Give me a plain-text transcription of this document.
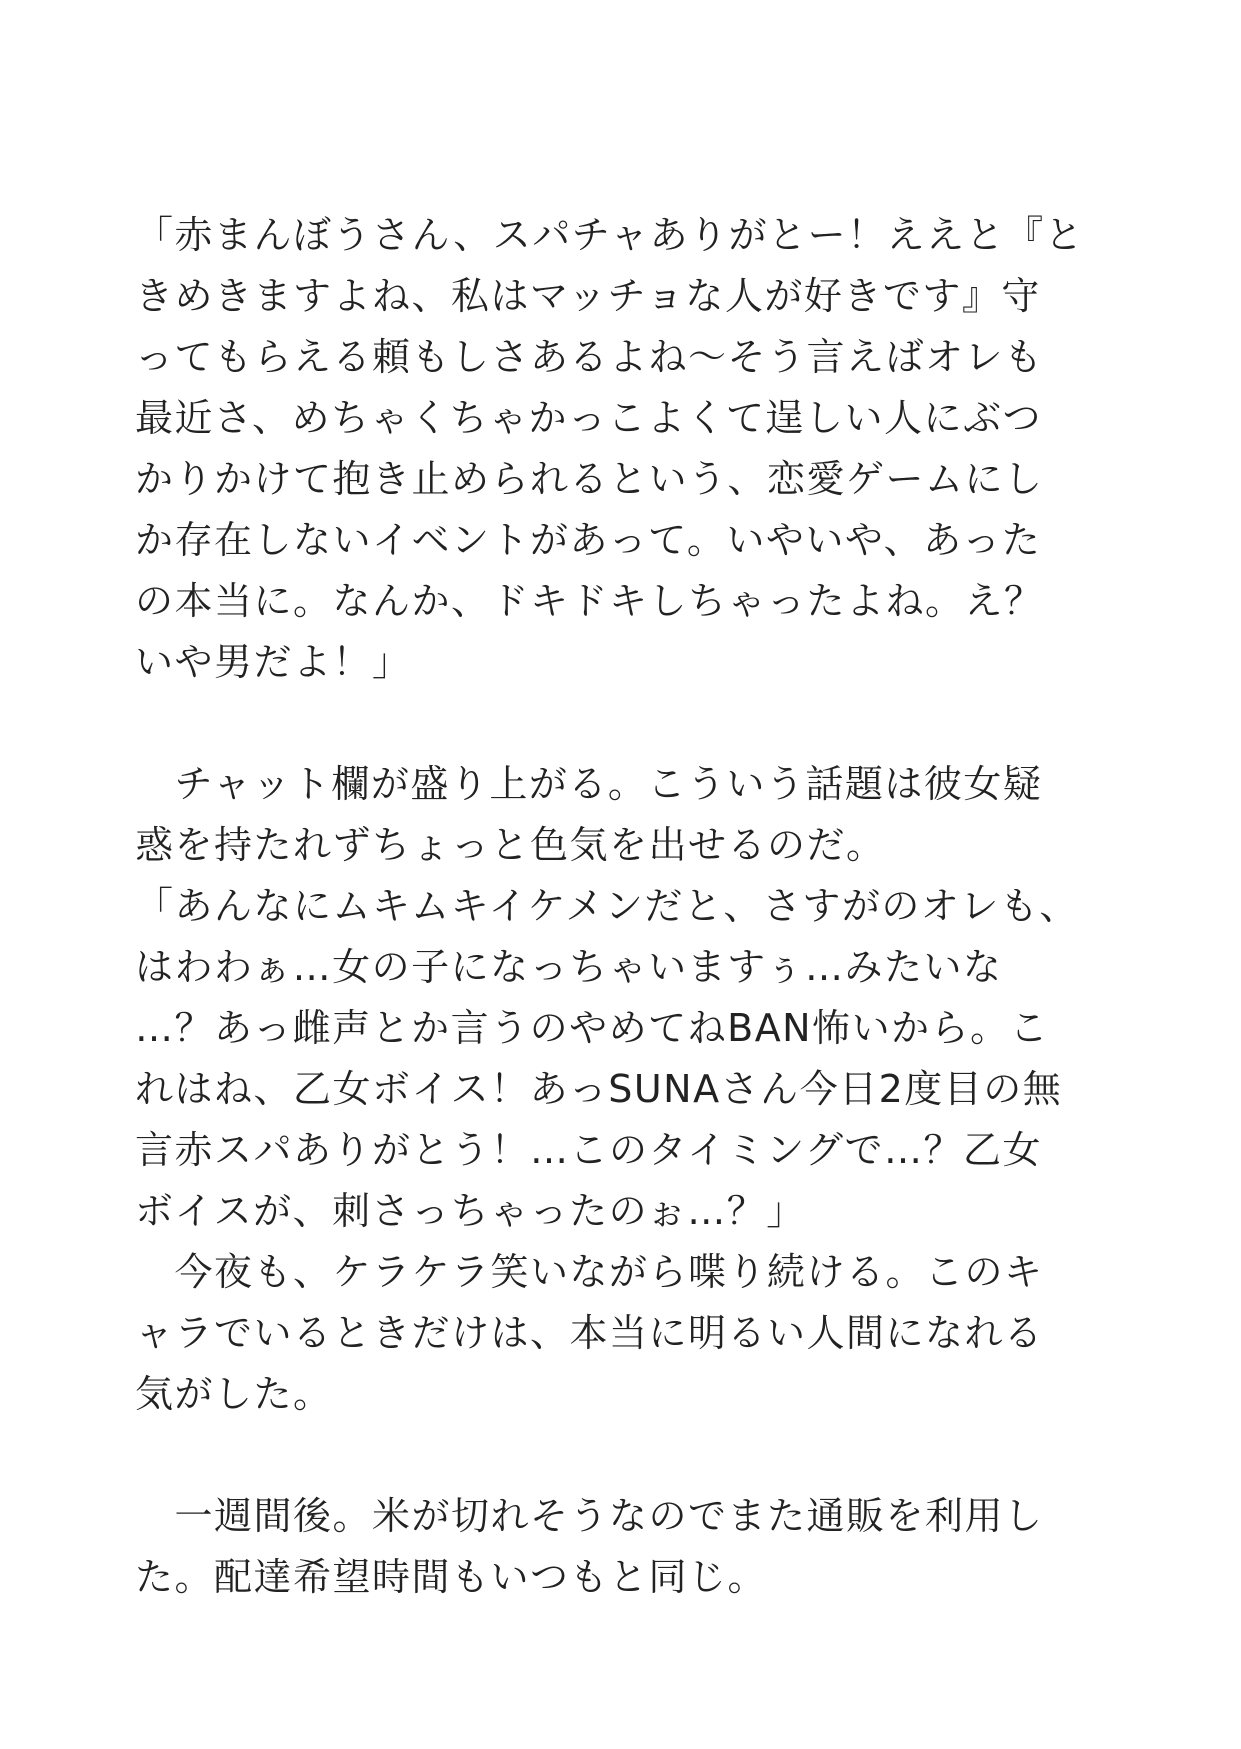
「赤まんぼうさん、スパチャありがとー！ええと『と
きめきますよね、私はマッチョな人が好きです』守
ってもらえる頼もしさあるよね〜そう言えばオレも
最近さ、めちゃくちゃかっこよくて逞しい人にぶつ
かりかけて抱き止められるという、恋愛ゲームにし
か存在しないイベントがあって。いやいや、あった
の本当に。なんか、ドキドキしちゃったよね。え？
いや男だよ！」
　チャット欄が盛り上がる。こういう話題は彼女疑
惑を持たれずちょっと色気を出せるのだ。
「あんなにムキムキイケメンだと、さすがのオレも、
はわわぁ…女の子になっちゃいますぅ…みたいな
…？あっ雌声とか言うのやめてねBAN怖いから。こ
れはね、乙女ボイス！あっSUNAさん今日2度目の無
言赤スパありがとう！…このタイミングで…？乙女
ボイスが、刺さっちゃったのぉ…？」
　今夜も、ケラケラ笑いながら喋り続ける。このキ
ャラでいるときだけは、本当に明るい人間になれる
気がした。
　一週間後。米が切れそうなのでまた通販を利用し
た。配達希望時間もいつもと同じ。
